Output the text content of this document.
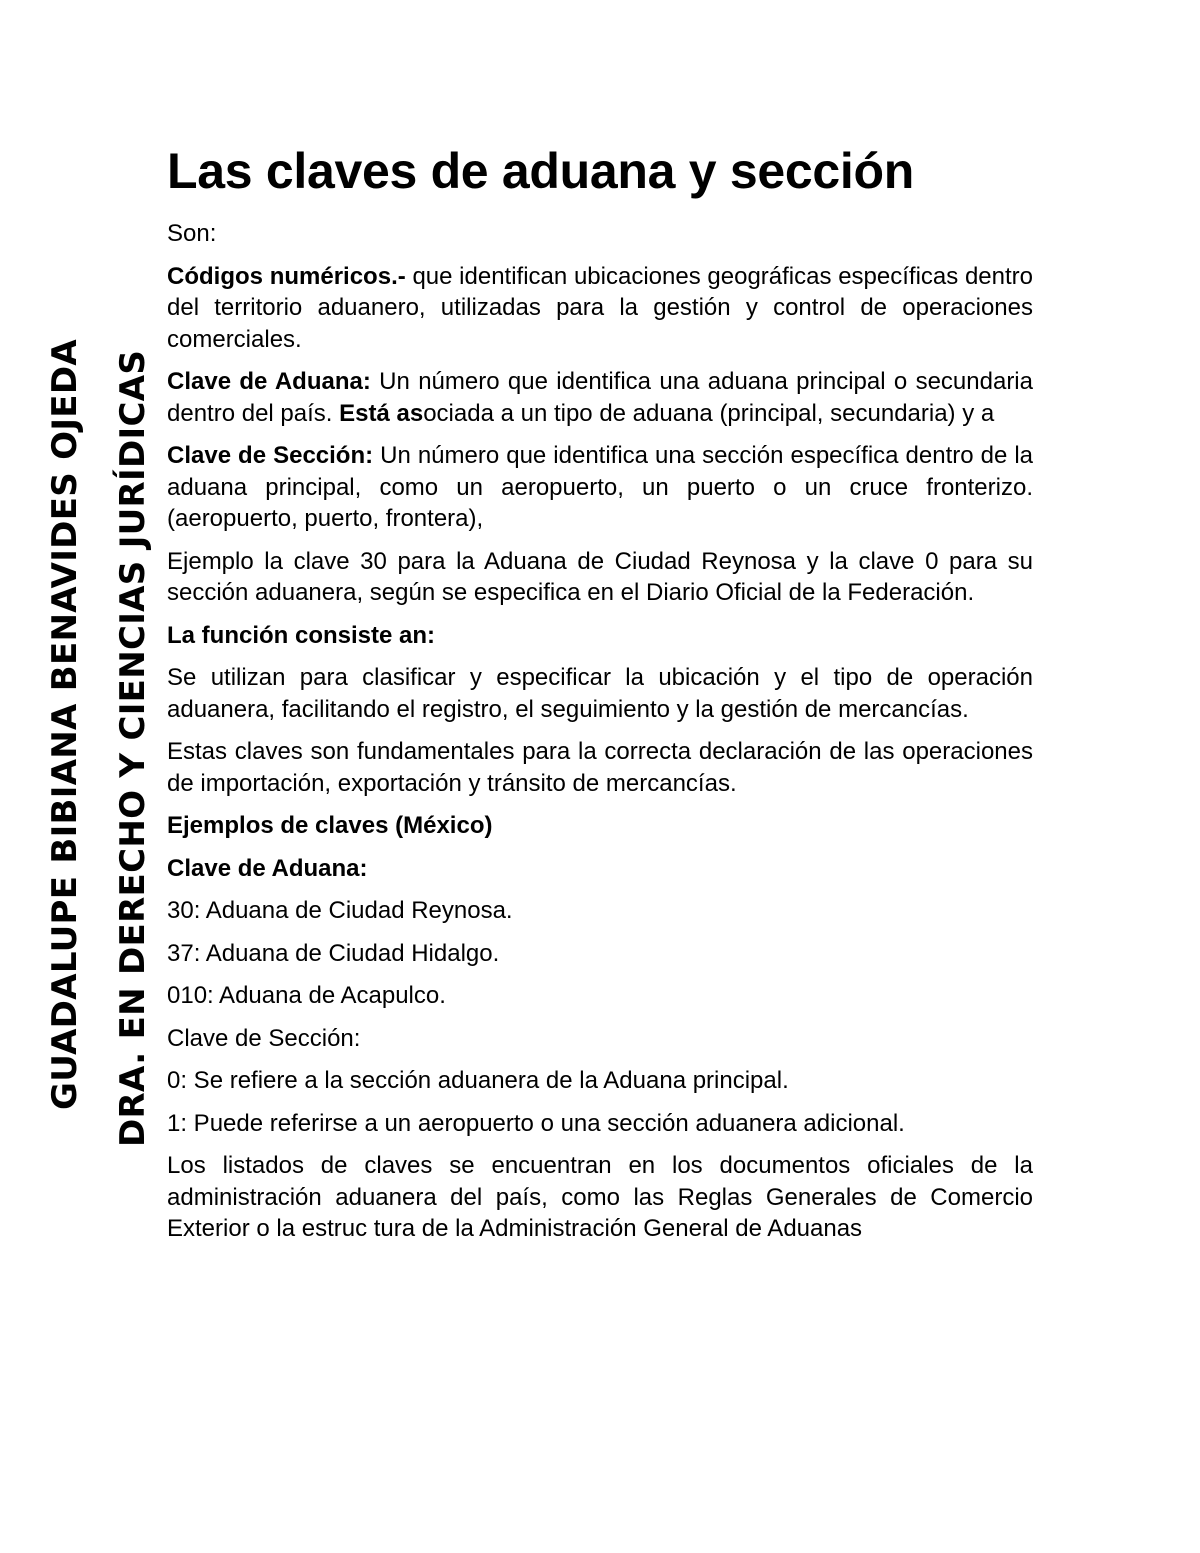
GUADALUPE BIBIANA BENAVIDES OJEDA DRA. EN DERECHO Y CIENCIAS JURÍDICAS
Las claves de aduana y sección

Son:

Códigos numéricos.- que identifican ubicaciones geográficas específicas dentro del territorio aduanero, utilizadas para la gestión y control de operaciones comerciales.

Clave de Aduana: Un número que identifica una aduana principal o secundaria dentro del país. Está asociada a un tipo de aduana (principal, secundaria) y a

Clave de Sección: Un número que identifica una sección específica dentro de la aduana principal, como un aeropuerto, un puerto o un cruce fronterizo. (aeropuerto, puerto, frontera),

Ejemplo la clave 30 para la Aduana de Ciudad Reynosa y la clave 0 para su sección aduanera, según se especifica en el Diario Oficial de la Federación.

La función consiste an:

Se utilizan para clasificar y especificar la ubicación y el tipo de operación aduanera, facilitando el registro, el seguimiento y la gestión de mercancías.

Estas claves son fundamentales para la correcta declaración de las operaciones de importación, exportación y tránsito de mercancías.

Ejemplos de claves (México)

Clave de Aduana:

30: Aduana de Ciudad Reynosa.

37: Aduana de Ciudad Hidalgo.

010: Aduana de Acapulco.

Clave de Sección:

0: Se refiere a la sección aduanera de la Aduana principal.

1: Puede referirse a un aeropuerto o una sección aduanera adicional.

Los listados de claves se encuentran en los documentos oficiales de la administración aduanera del país, como las Reglas Generales de Comercio Exterior o la estruc tura de la Administración General de Aduanas
